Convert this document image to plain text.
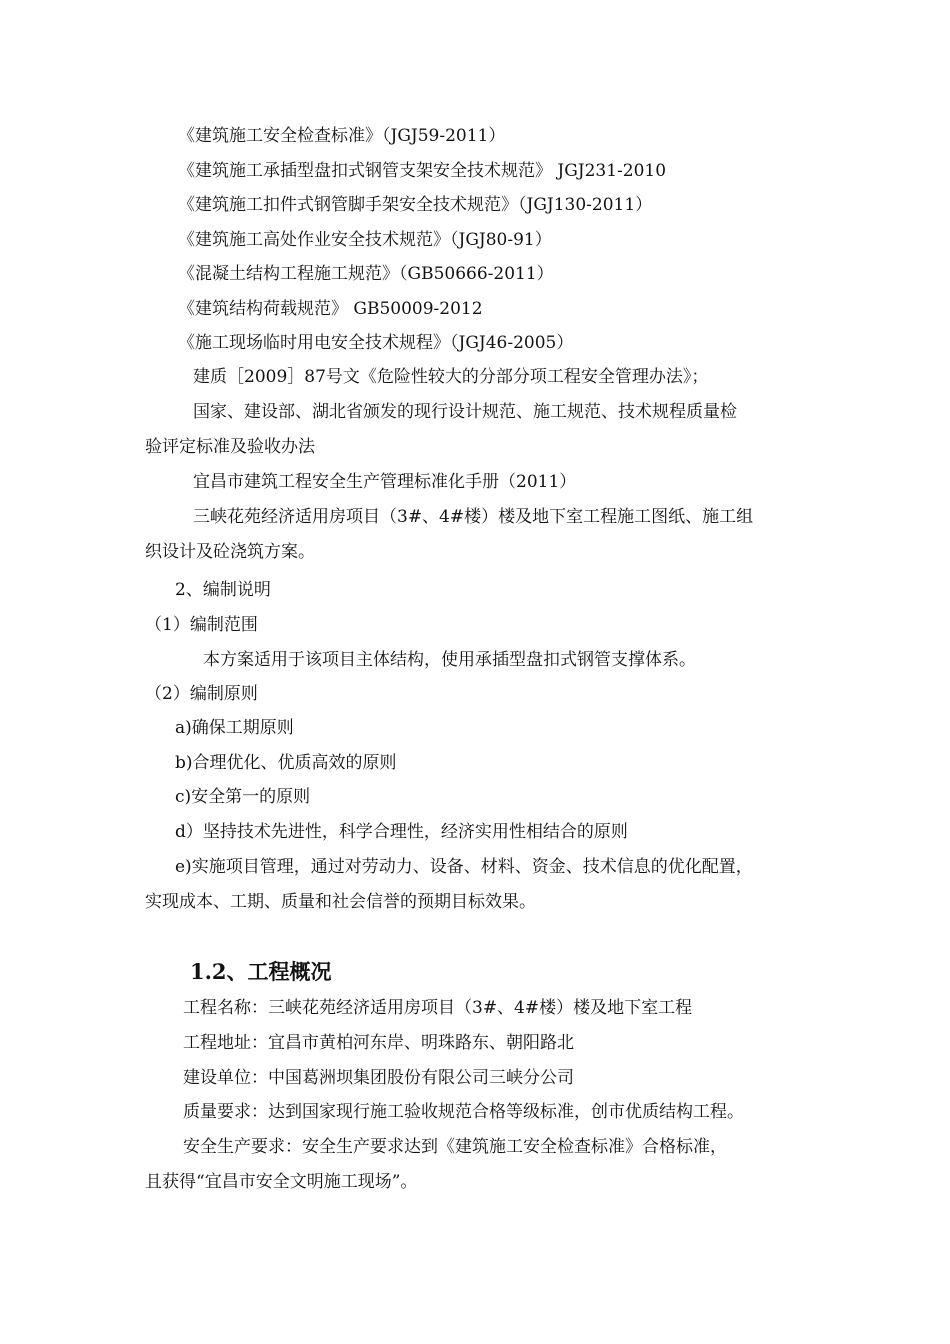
《建筑施工安全检查标准》（JGJ59-2011）
《建筑施工承插型盘扣式钢管支架安全技术规范》 JGJ231-2010
《建筑施工扣件式钢管脚手架安全技术规范》（JGJ130-2011）
《建筑施工高处作业安全技术规范》（JGJ80-91）
《混凝土结构工程施工规范》（GB50666-2011）
《建筑结构荷载规范》 GB50009-2012
《施工现场临时用电安全技术规程》（JGJ46-2005）
建质［2009］87号文《危险性较大的分部分项工程安全管理办法》；
国家、建设部、湖北省颁发的现行设计规范、施工规范、技术规程质量检
验评定标准及验收办法
宜昌市建筑工程安全生产管理标准化手册（2011）
三峡花苑经济适用房项目（3#、4#楼）楼及地下室工程施工图纸、施工组
织设计及砼浇筑方案。
2、编制说明
（1）编制范围
本方案适用于该项目主体结构，使用承插型盘扣式钢管支撑体系。
（2）编制原则
a)确保工期原则
b)合理优化、优质高效的原则
c)安全第一的原则
d）坚持技术先进性，科学合理性，经济实用性相结合的原则
e)实施项目管理，通过对劳动力、设备、材料、资金、技术信息的优化配置，
实现成本、工期、质量和社会信誉的预期目标效果。
1.2、工程概况
工程名称：三峡花苑经济适用房项目（3#、4#楼）楼及地下室工程
工程地址：宜昌市黄柏河东岸、明珠路东、朝阳路北
建设单位：中国葛洲坝集团股份有限公司三峡分公司
质量要求：达到国家现行施工验收规范合格等级标准，创市优质结构工程。
安全生产要求：安全生产要求达到《建筑施工安全检查标准》合格标准，
且获得“宜昌市安全文明施工现场”。
